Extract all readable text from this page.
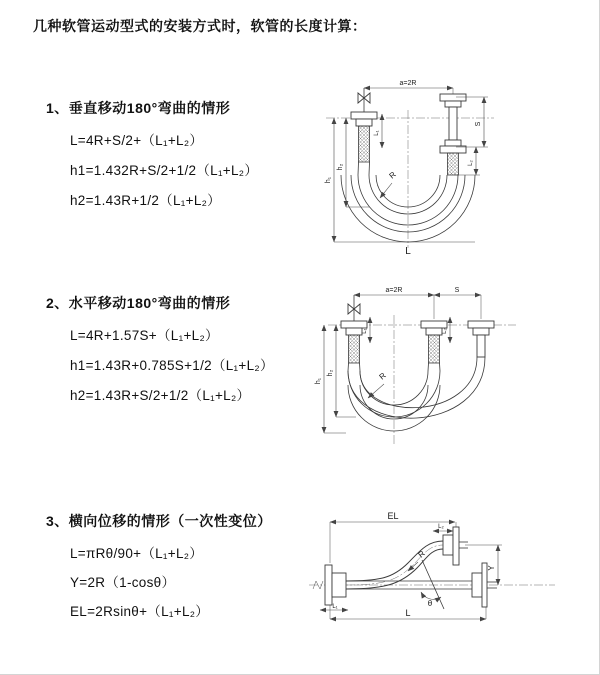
几种软管运动型式的安装方式时，软管的长度计算：
1、垂直移动180°弯曲的情形
L=4R+S/2+（L₁+L₂）
h1=1.432R+S/2+1/2（L₁+L₂）
h2=1.43R+1/2（L₁+L₂）
2、水平移动180°弯曲的情形
L=4R+1.57S+（L₁+L₂）
h1=1.43R+0.785S+1/2（L₁+L₂）
h2=1.43R+S/2+1/2（L₁+L₂）
3、横向位移的情形（一次性变位）
L=πRθ/90+（L₁+L₂）
Y=2R（1-cosθ）
EL=2Rsinθ+（L₁+L₂）
a=2R
R
h₁
h₂
L₁
S
L₂
L
a=2R	S
R
h₁
h₂
L₁	L₂
EL
L₂
Y
L
L₁
R
θ
